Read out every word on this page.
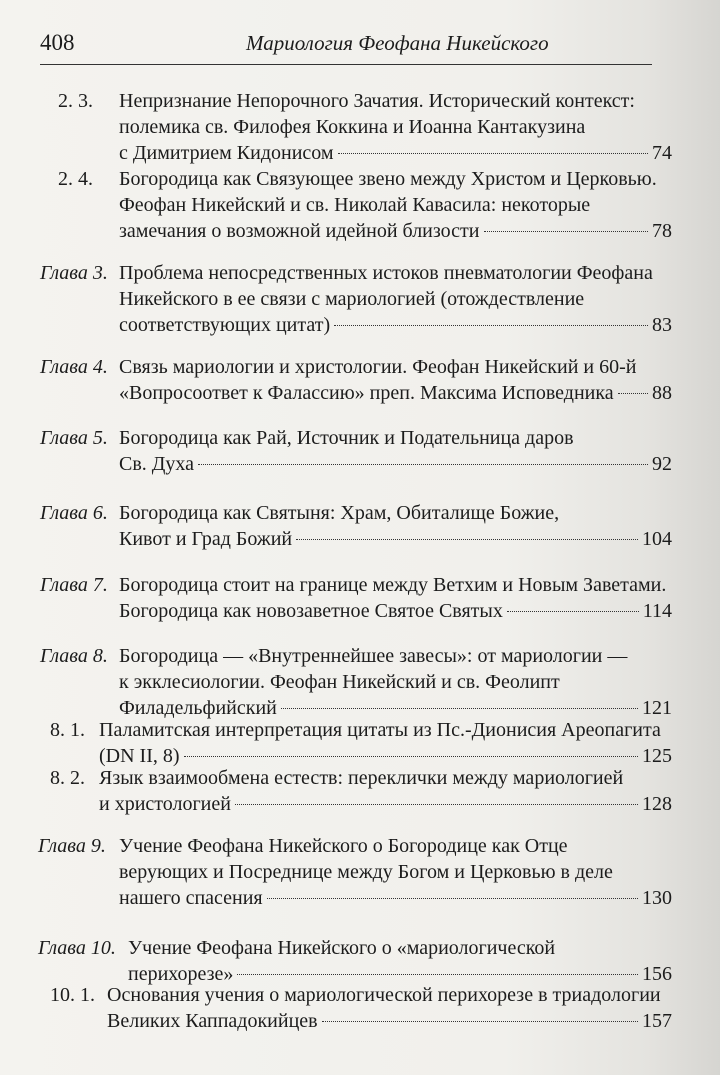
408	Мариология Феофана Никейского
2. 3. Непризнание Непорочного Зачатия. Исторический контекст:
полемика св. Филофея Коккина и Иоанна Кантакузина
с Димитрием Кидонисом	74
2. 4. Богородица как Связующее звено между Христом и Церковью.
Феофан Никейский и св. Николай Кавасила: некоторые
замечания о возможной идейной близости	78
Глава 3. Проблема непосредственных истоков пневматологии Феофана
Никейского в ее связи с мариологией (отождествление
соответствующих цитат)	83
Глава 4. Связь мариологии и христологии. Феофан Никейский и 60-й
«Вопросоответ к Фалассию» преп. Максима Исповедника 88
Глава 5. Богородица как Рай, Источник и Подательница даров
Св. Духа	92
Глава 6. Богородица как Святыня: Храм, Обиталище Божие,
Кивот и Град Божий	104
Глава 7. Богородица стоит на границе между Ветхим и Новым Заветами.
Богородица как новозаветное Святое Святых	114
Глава 8. Богородица — «Внутреннейшее завесы»: от мариологии —
к экклесиологии. Феофан Никейский и св. Феолипт
Филадельфийский	121
8. 1. Паламитская интерпретация цитаты из Пс.-Дионисия Ареопагита
(DN II, 8)	125
8. 2. Язык взаимообмена естеств: переклички между мариологией
и христологией	128
Глава 9. Учение Феофана Никейского о Богородице как Отце
верующих и Посреднице между Богом и Церковью в деле
нашего спасения	130
Глава 10. Учение Феофана Никейского о «мариологической
перихорезе»	156
10. 1. Основания учения о мариологической перихорезе в триадологии
Великих Каппадокийцев	157
